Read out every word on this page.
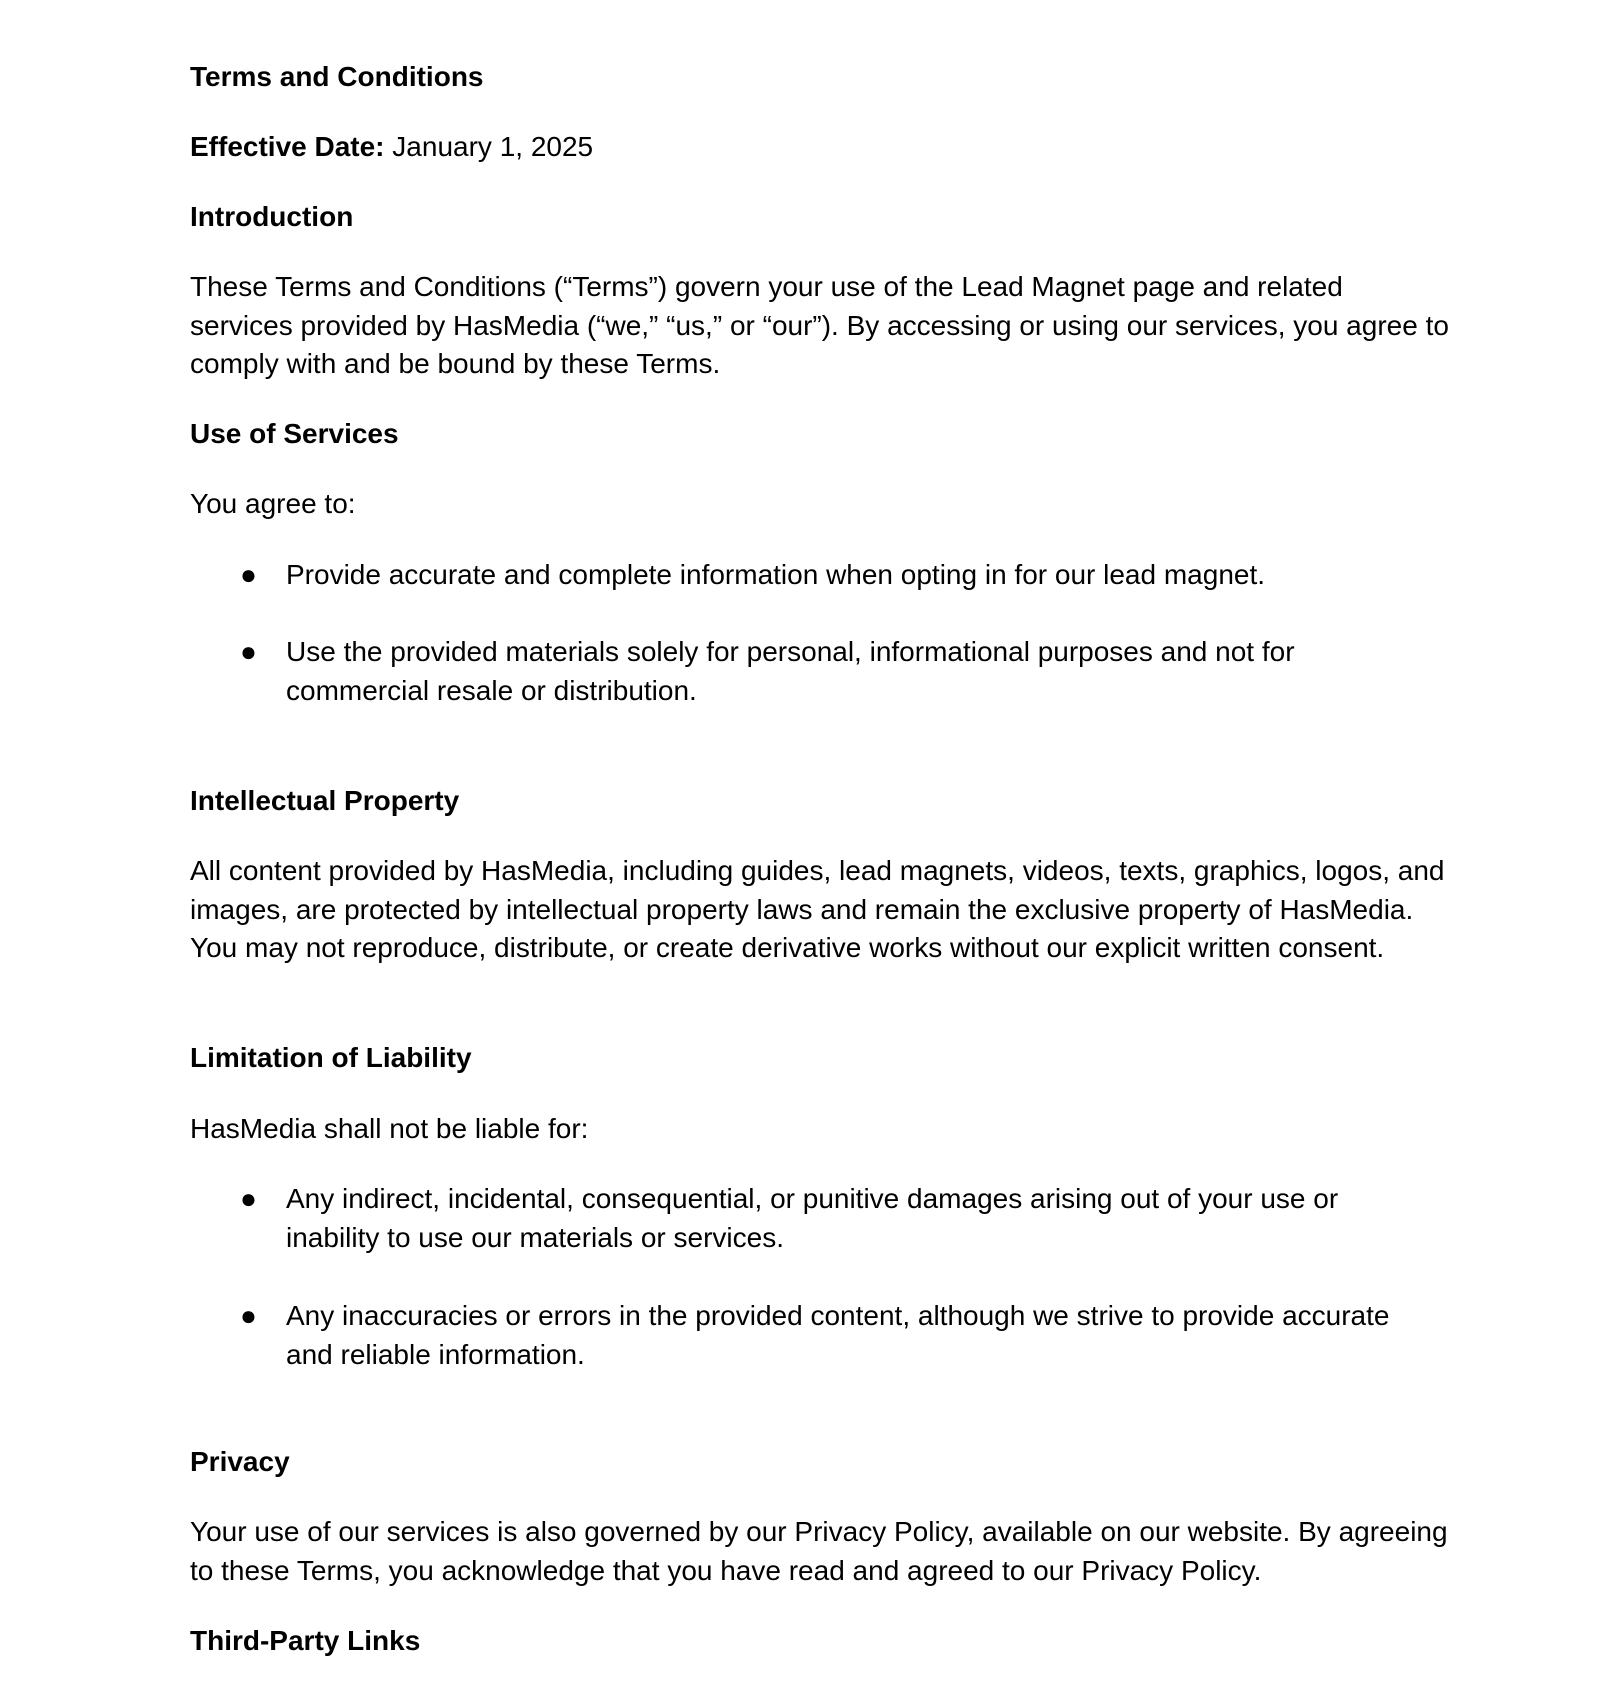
Terms and Conditions
Effective Date: January 1, 2025
Introduction
These Terms and Conditions (“Terms”) govern your use of the Lead Magnet page and related services provided by HasMedia (“we,” “us,” or “our”). By accessing or using our services, you agree to comply with and be bound by these Terms.
Use of Services
You agree to:
● Provide accurate and complete information when opting in for our lead magnet.
● Use the provided materials solely for personal, informational purposes and not for commercial resale or distribution.
Intellectual Property
All content provided by HasMedia, including guides, lead magnets, videos, texts, graphics, logos, and images, are protected by intellectual property laws and remain the exclusive property of HasMedia. You may not reproduce, distribute, or create derivative works without our explicit written consent.
Limitation of Liability
HasMedia shall not be liable for:
● Any indirect, incidental, consequential, or punitive damages arising out of your use or inability to use our materials or services.
● Any inaccuracies or errors in the provided content, although we strive to provide accurate and reliable information.
Privacy
Your use of our services is also governed by our Privacy Policy, available on our website. By agreeing to these Terms, you acknowledge that you have read and agreed to our Privacy Policy.
Third-Party Links
